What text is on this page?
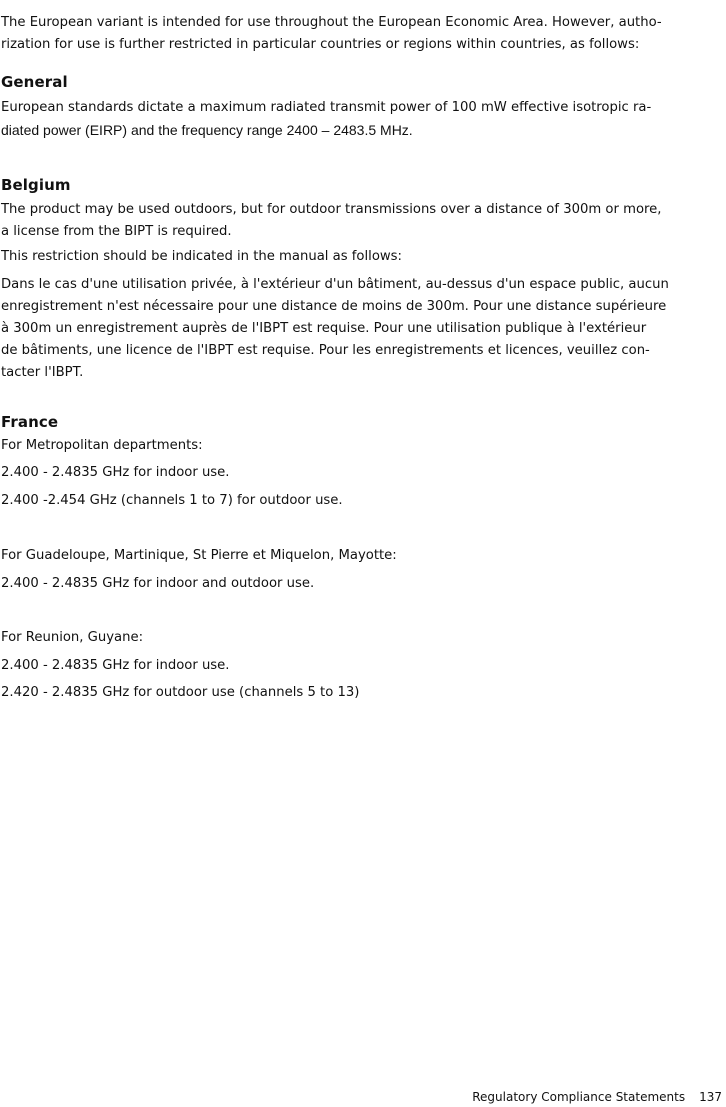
The European variant is intended for use throughout the European Economic Area. However, autho-
rization for use is further restricted in particular countries or regions within countries, as follows:

General

European standards dictate a maximum radiated transmit power of 100 mW effective isotropic ra-
diated power (EIRP) and the frequency range 2400 – 2483.5 MHz.

Belgium

The product may be used outdoors, but for outdoor transmissions over a distance of 300m or more,
a license from the BIPT is required.

This restriction should be indicated in the manual as follows:

Dans le cas d'une utilisation privée, à l'extérieur d'un bâtiment, au-dessus d'un espace public, aucun
enregistrement n'est nécessaire pour une distance de moins de 300m. Pour une distance supérieure
à 300m un enregistrement auprès de l'IBPT est requise. Pour une utilisation publique à l'extérieur
de bâtiments, une licence de l'IBPT est requise. Pour les enregistrements et licences, veuillez con-
tacter l'IBPT.

France

For Metropolitan departments:

2.400 - 2.4835 GHz for indoor use.

2.400 -2.454 GHz (channels 1 to 7) for outdoor use.

For Guadeloupe, Martinique, St Pierre et Miquelon, Mayotte:

2.400 - 2.4835 GHz for indoor and outdoor use.

For Reunion, Guyane:

2.400 - 2.4835 GHz for indoor use.

2.420 - 2.4835 GHz for outdoor use (channels 5 to 13)

Regulatory Compliance Statements 137
